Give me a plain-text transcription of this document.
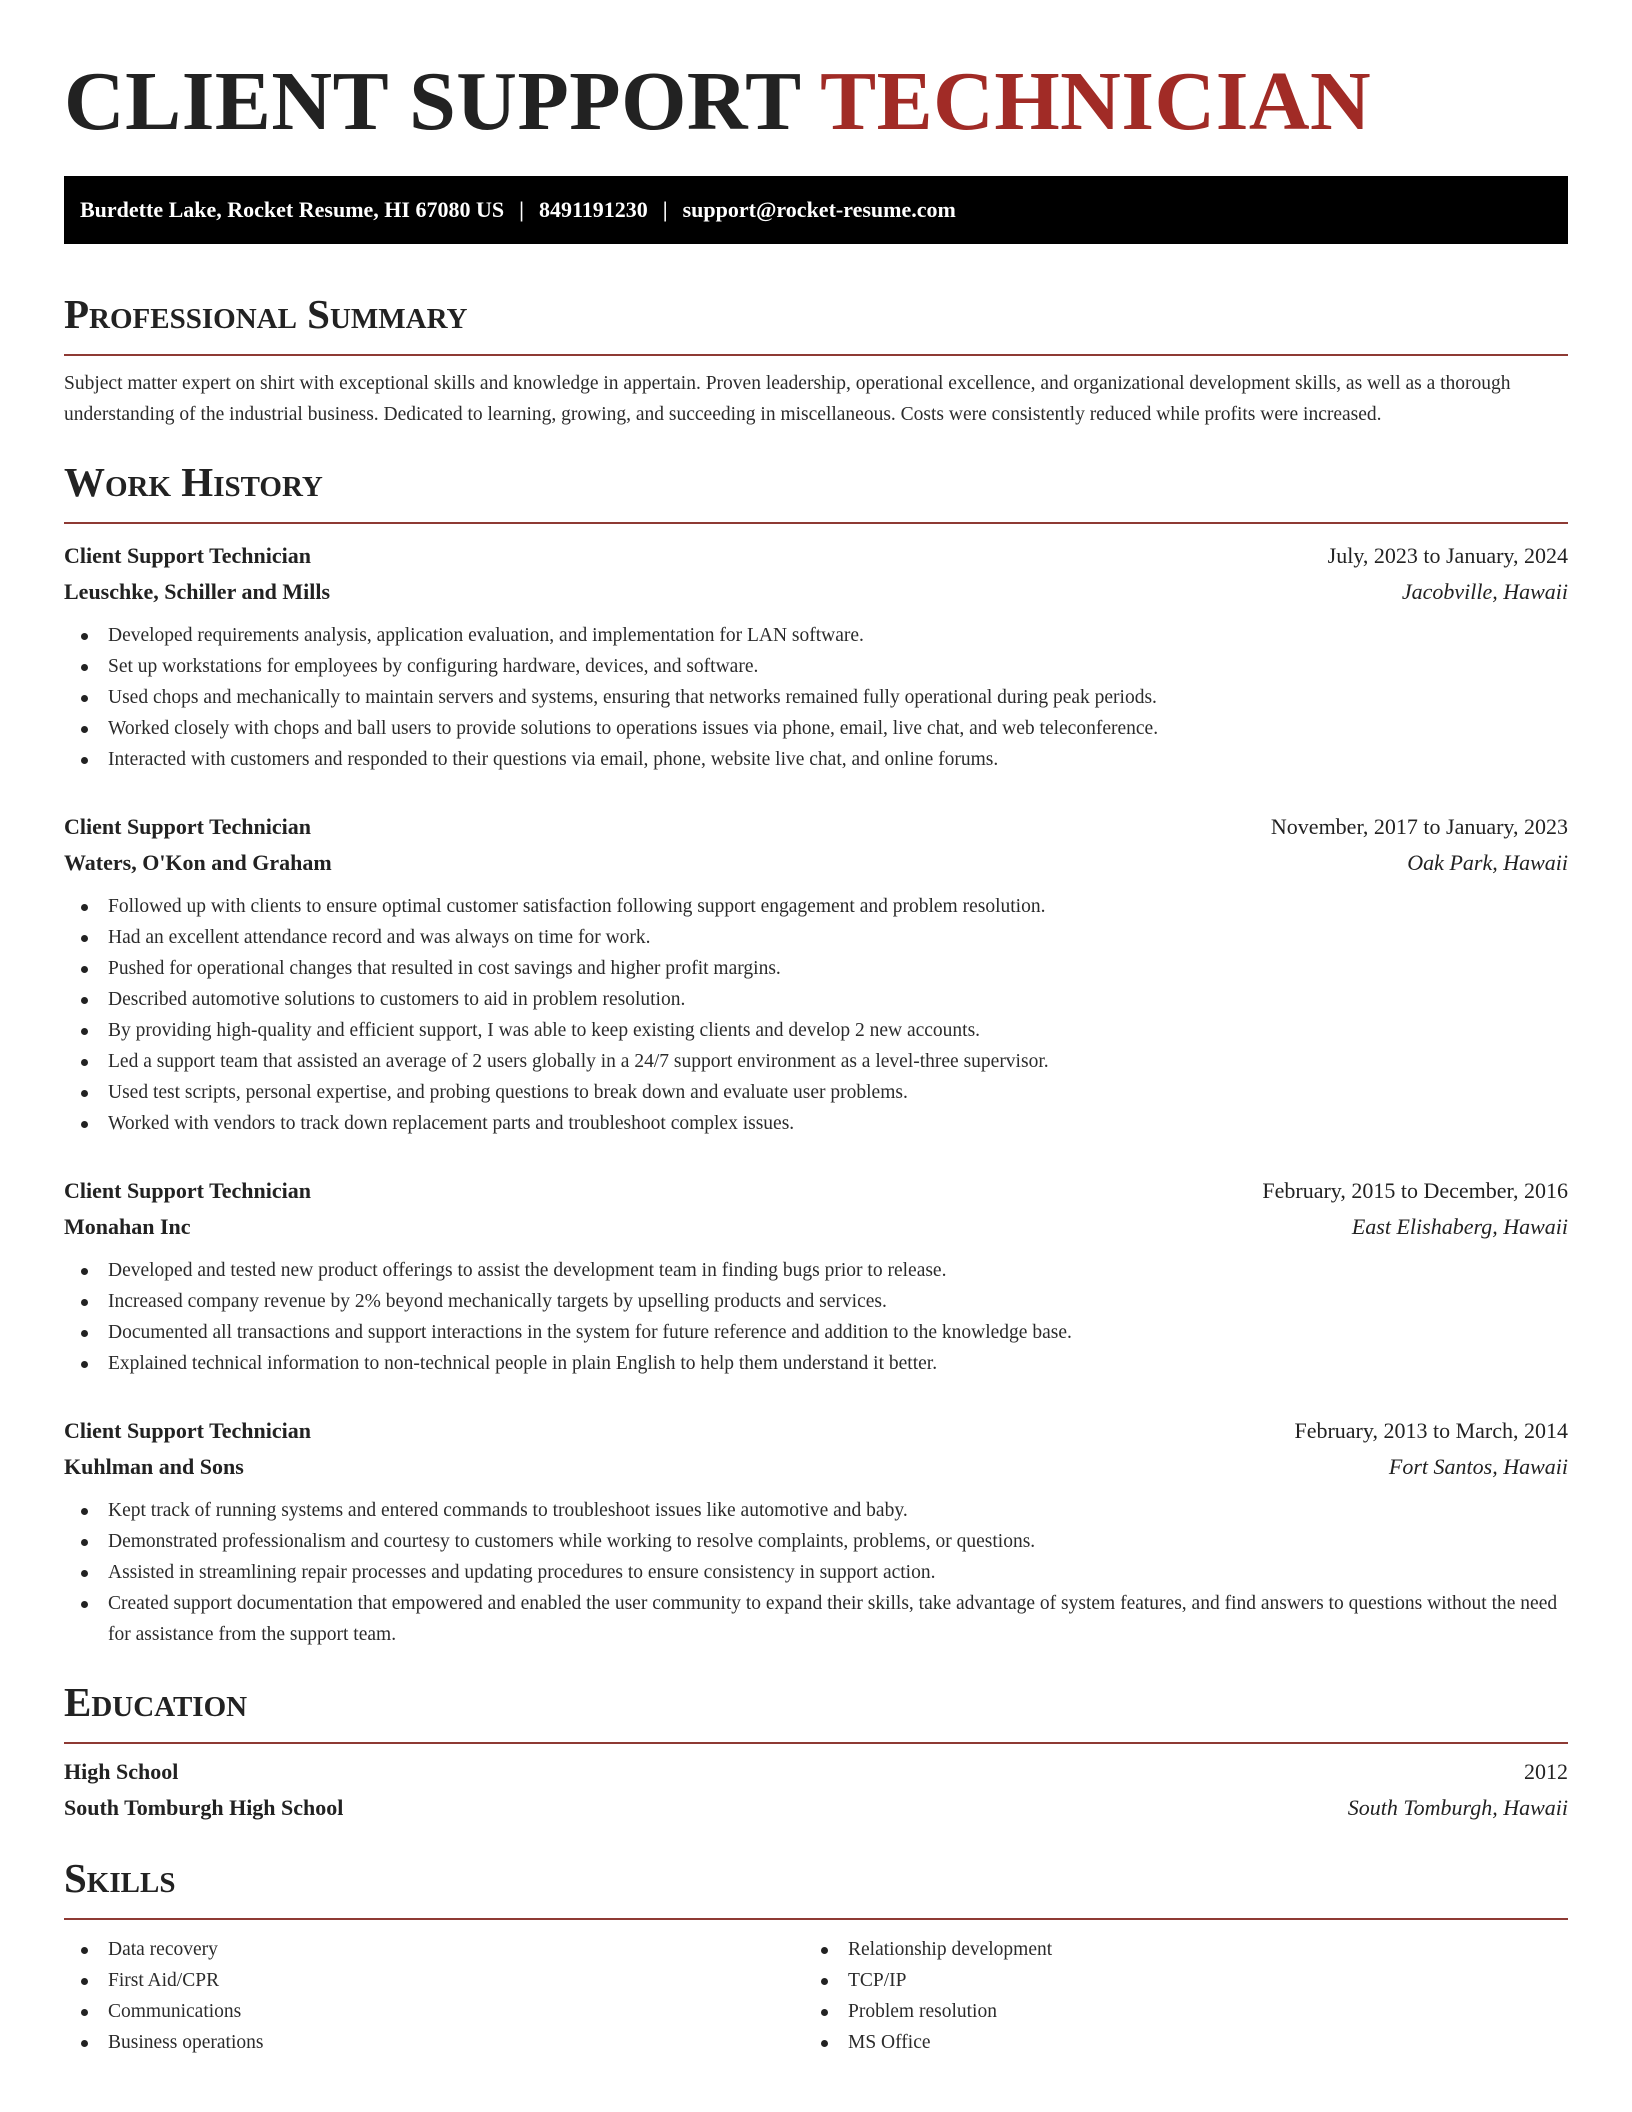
CLIENT SUPPORT TECHNICIAN
Burdette Lake, Rocket Resume, HI 67080 US | 8491191230 | support@rocket-resume.com
Professional Summary

Subject matter expert on shirt with exceptional skills and knowledge in appertain. Proven leadership, operational excellence, and organizational development skills, as well as a thorough understanding of the industrial business. Dedicated to learning, growing, and succeeding in miscellaneous. Costs were consistently reduced while profits were increased.

Work History
Client Support Technician	July, 2023 to January, 2024
Leuschke, Schiller and Mills	Jacobville, Hawaii
Developed requirements analysis, application evaluation, and implementation for LAN software.
Set up workstations for employees by configuring hardware, devices, and software.
Used chops and mechanically to maintain servers and systems, ensuring that networks remained fully operational during peak periods.
Worked closely with chops and ball users to provide solutions to operations issues via phone, email, live chat, and web teleconference.
Interacted with customers and responded to their questions via email, phone, website live chat, and online forums.
Client Support Technician	November, 2017 to January, 2023
Waters, O'Kon and Graham	Oak Park, Hawaii
Followed up with clients to ensure optimal customer satisfaction following support engagement and problem resolution.
Had an excellent attendance record and was always on time for work.
Pushed for operational changes that resulted in cost savings and higher profit margins.
Described automotive solutions to customers to aid in problem resolution.
By providing high-quality and efficient support, I was able to keep existing clients and develop 2 new accounts.
Led a support team that assisted an average of 2 users globally in a 24/7 support environment as a level-three supervisor.
Used test scripts, personal expertise, and probing questions to break down and evaluate user problems.
Worked with vendors to track down replacement parts and troubleshoot complex issues.
Client Support Technician	February, 2015 to December, 2016
Monahan Inc	East Elishaberg, Hawaii
Developed and tested new product offerings to assist the development team in finding bugs prior to release.
Increased company revenue by 2% beyond mechanically targets by upselling products and services.
Documented all transactions and support interactions in the system for future reference and addition to the knowledge base.
Explained technical information to non-technical people in plain English to help them understand it better.
Client Support Technician	February, 2013 to March, 2014
Kuhlman and Sons	Fort Santos, Hawaii
Kept track of running systems and entered commands to troubleshoot issues like automotive and baby.
Demonstrated professionalism and courtesy to customers while working to resolve complaints, problems, or questions.
Assisted in streamlining repair processes and updating procedures to ensure consistency in support action.
Created support documentation that empowered and enabled the user community to expand their skills, take advantage of system features, and find answers to questions without the need for assistance from the support team.
Education
High School	2012
South Tomburgh High School	South Tomburgh, Hawaii
Skills
Data recovery
First Aid/CPR
Communications
Business operations
Relationship development
TCP/IP
Problem resolution
MS Office
